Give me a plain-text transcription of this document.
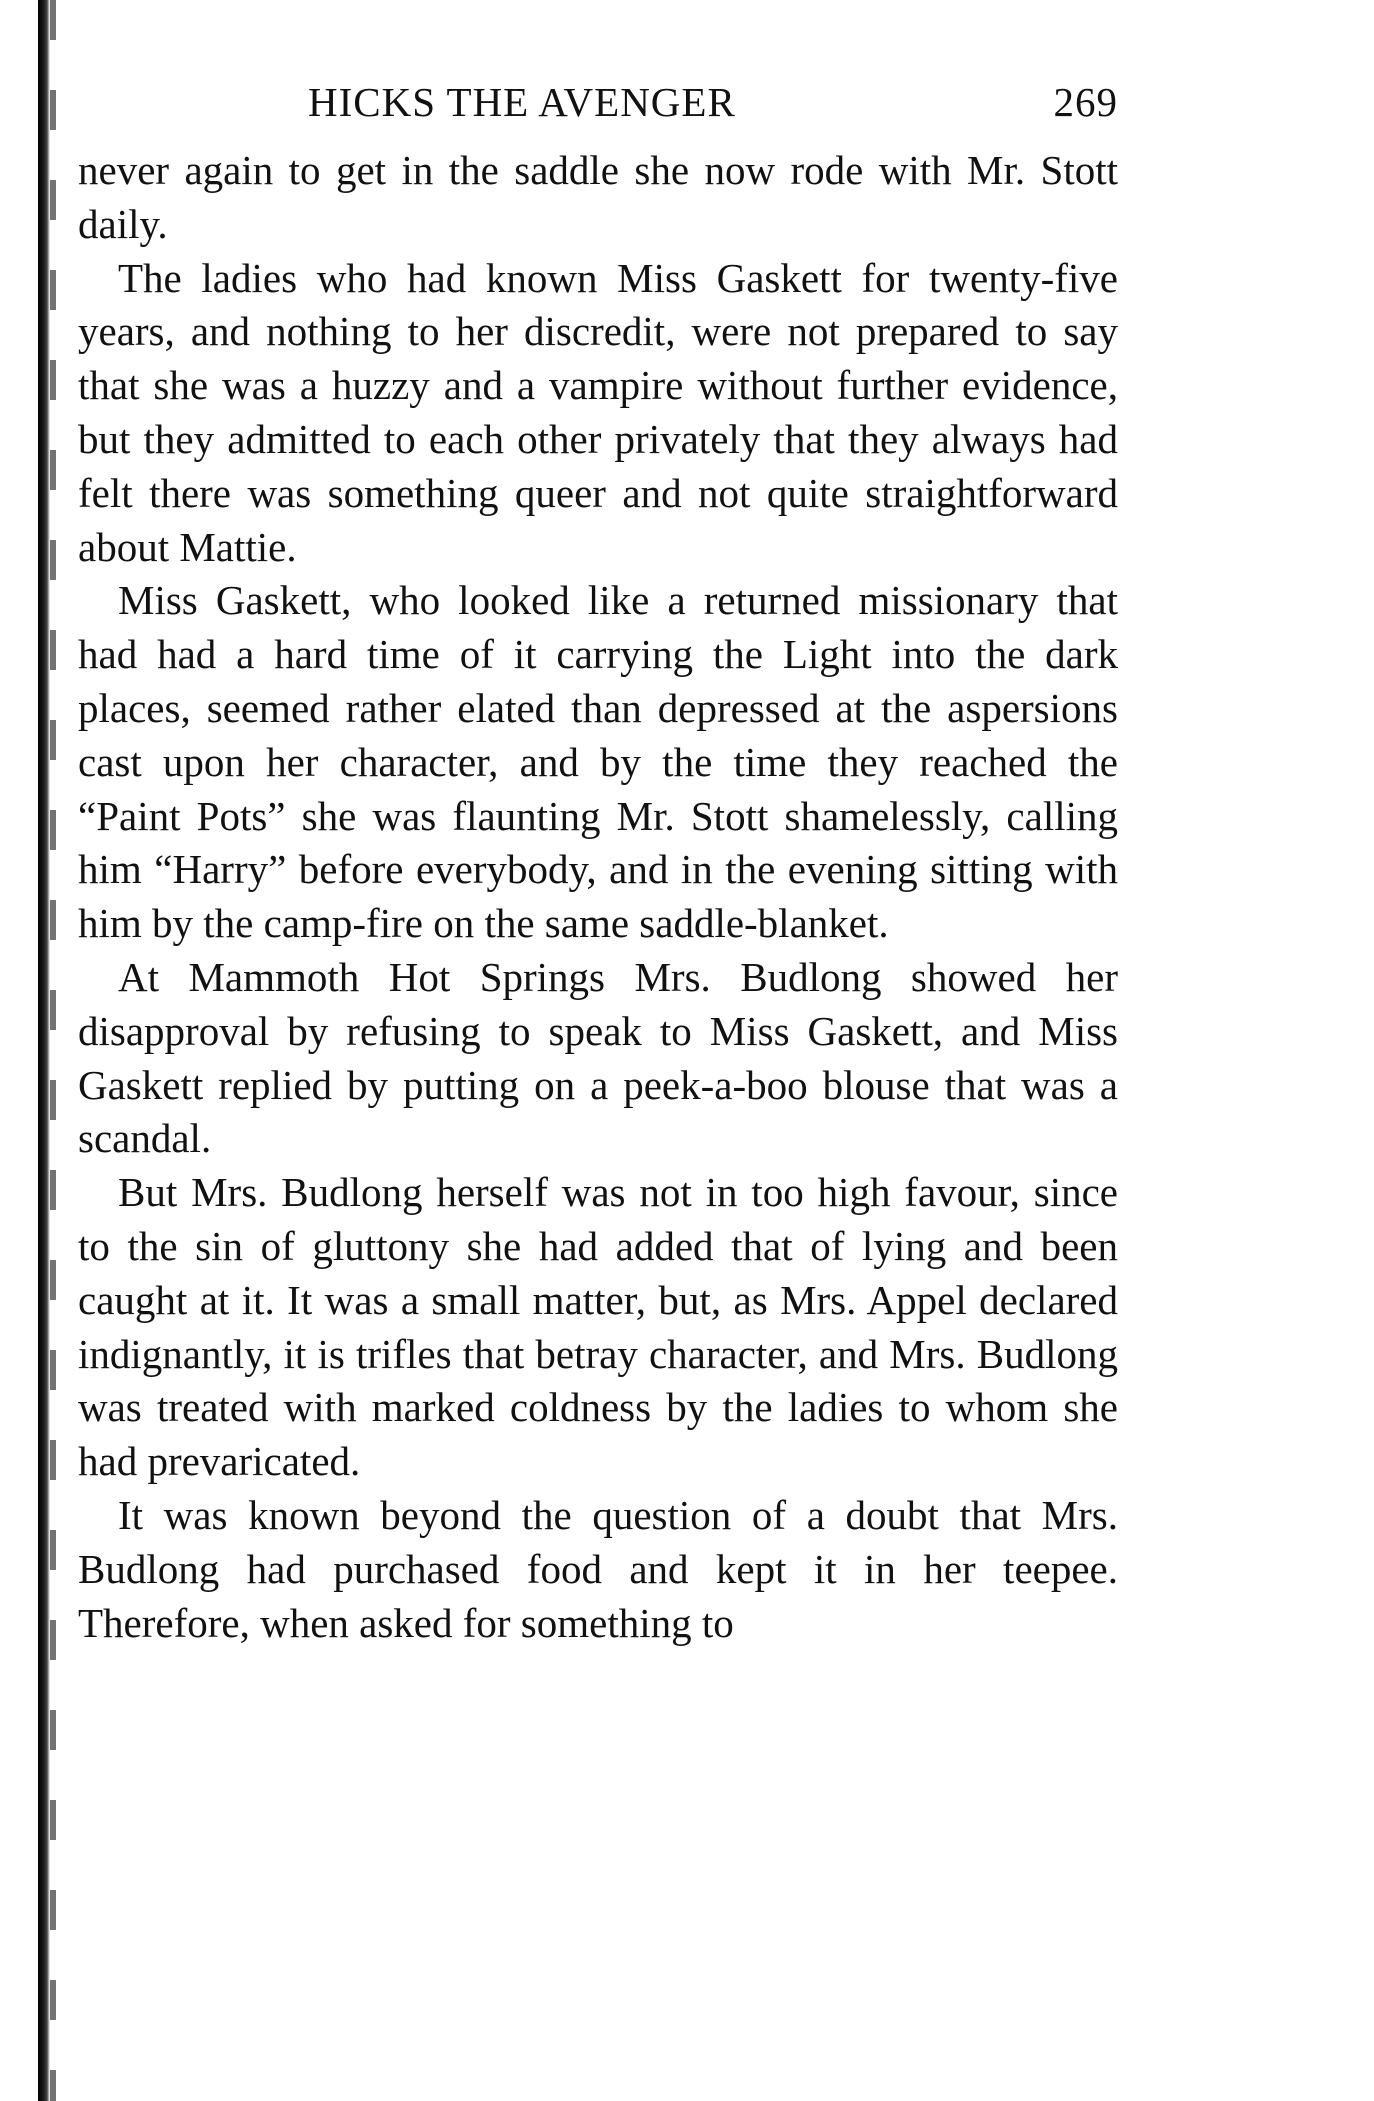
HICKS THE AVENGER	269

never again to get in the saddle she now rode with Mr. Stott daily.

The ladies who had known Miss Gaskett for twenty-five years, and nothing to her discredit, were not prepared to say that she was a huzzy and a vampire without further evidence, but they admitted to each other privately that they always had felt there was something queer and not quite straightforward about Mattie.

Miss Gaskett, who looked like a returned missionary that had had a hard time of it carrying the Light into the dark places, seemed rather elated than depressed at the aspersions cast upon her character, and by the time they reached the “Paint Pots” she was flaunting Mr. Stott shamelessly, calling him “Harry” before everybody, and in the evening sitting with him by the camp-fire on the same saddle-blanket.

At Mammoth Hot Springs Mrs. Budlong showed her disapproval by refusing to speak to Miss Gaskett, and Miss Gaskett replied by putting on a peek-a-boo blouse that was a scandal.

But Mrs. Budlong herself was not in too high favour, since to the sin of gluttony she had added that of lying and been caught at it. It was a small matter, but, as Mrs. Appel declared indignantly, it is trifles that betray character, and Mrs. Budlong was treated with marked coldness by the ladies to whom she had prevaricated.

It was known beyond the question of a doubt that Mrs. Budlong had purchased food and kept it in her teepee. Therefore, when asked for something to
